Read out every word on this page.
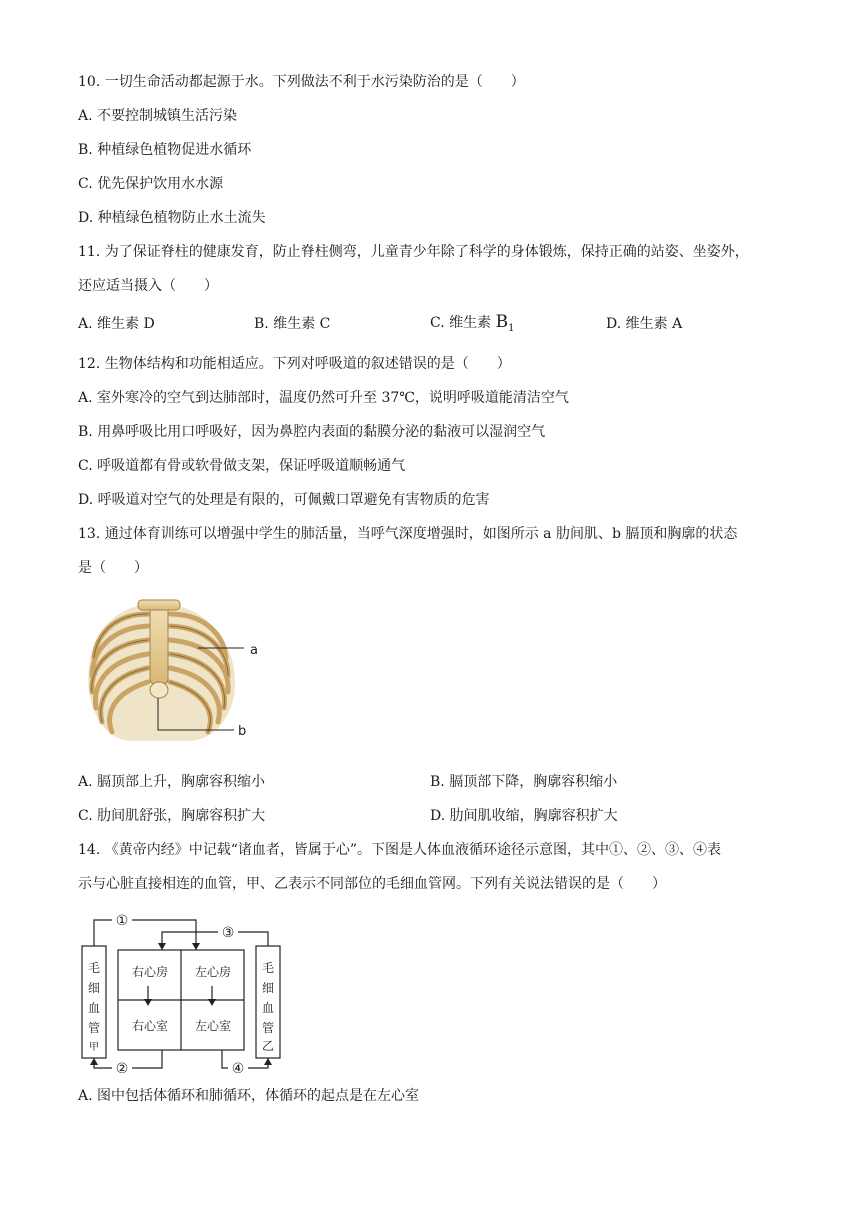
10. 一切生命活动都起源于水。下列做法不利于水污染防治的是（　　）
A. 不要控制城镇生活污染
B. 种植绿色植物促进水循环
C. 优先保护饮用水水源
D. 种植绿色植物防止水土流失
11. 为了保证脊柱的健康发育，防止脊柱侧弯，儿童青少年除了科学的身体锻炼，保持正确的站姿、坐姿外，
还应适当摄入（　　）
A. 维生素 D	B. 维生素 C	C. 维生素 $B_1$	D. 维生素 A
12. 生物体结构和功能相适应。下列对呼吸道的叙述错误的是（　　）
A. 室外寒冷的空气到达肺部时，温度仍然可升至 37℃，说明呼吸道能清洁空气
B. 用鼻呼吸比用口呼吸好，因为鼻腔内表面的黏膜分泌的黏液可以湿润空气
C. 呼吸道都有骨或软骨做支架，保证呼吸道顺畅通气
D. 呼吸道对空气的处理是有限的，可佩戴口罩避免有害物质的危害
13. 通过体育训练可以增强中学生的肺活量，当呼气深度增强时，如图所示 a 肋间肌、b 膈顶和胸廓的状态
是（　　）
a
b
A. 膈顶部上升，胸廓容积缩小	B. 膈顶部下降，胸廓容积缩小
C. 肋间肌舒张，胸廓容积扩大	D. 肋间肌收缩，胸廓容积扩大
14. 《黄帝内经》中记载“诸血者，皆属于心”。下图是人体血液循环途径示意图，其中①、②、③、④表
示与心脏直接相连的血管，甲、乙表示不同部位的毛细血管网。下列有关说法错误的是（　　）
①
③
②	④
右心房 左心房
右心室 左心室
毛
细
血
管
甲
毛
细
血
管
乙
A. 图中包括体循环和肺循环，体循环的起点是在左心室
